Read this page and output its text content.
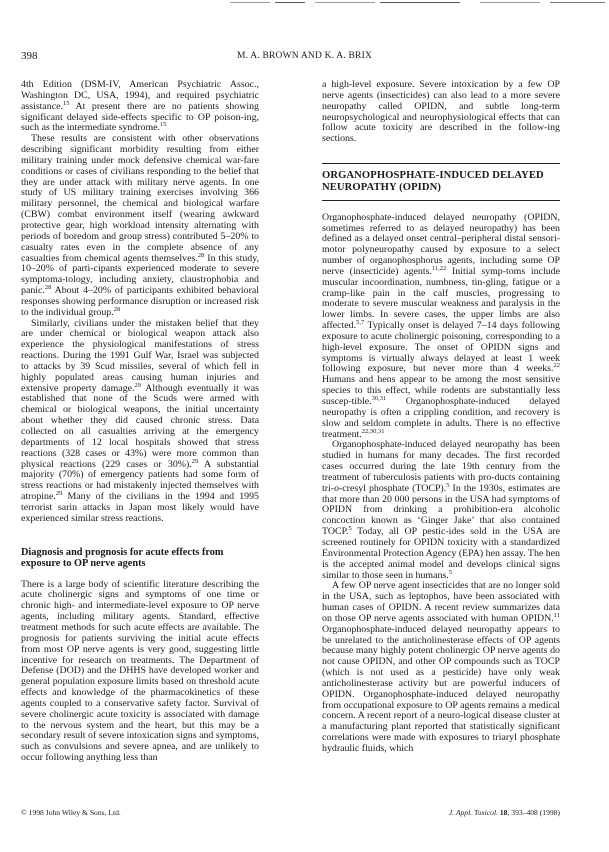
398	M. A. BROWN AND K. A. BRIX

4th Edition (DSM-IV, American Psychiatric Assoc., Washington DC, USA, 1994), and required psychiatric assistance.$^{15}$ At present there are no patients showing significant delayed side-effects specific to OP poison-ing, such as the intermediate syndrome.$^{15}$

These results are consistent with other observations describing significant morbidity resulting from either military training under mock defensive chemical war-fare conditions or cases of civilians responding to the belief that they are under attack with military nerve agents. In one study of US military training exercises involving 366 military personnel, the chemical and biological warfare (CBW) combat environment itself (wearing awkward protective gear, high workload intensity alternating with periods of boredom and group stress) contributed 5–20% to casualty rates even in the complete absence of any casualties from chemical agents themselves.$^{28}$ In this study, 10–20% of parti-cipants experienced moderate to severe symptoma-tology, including anxiety, claustrophobia and panic.$^{28}$ About 4–20% of participants exhibited behavioral responses showing performance disruption or increased risk to the individual group.$^{28}$

Similarly, civilians under the mistaken belief that they are under chemical or biological weapon attack also experience the physiological manifestations of stress reactions. During the 1991 Gulf War, Israel was subjected to attacks by 39 Scud missiles, several of which fell in highly populated areas causing human injuries and extensive property damage.$^{29}$ Although eventually it was established that none of the Scuds were armed with chemical or biological weapons, the initial uncertainty about whether they did caused chronic stress. Data collected on all casualties arriving at the emergency departments of 12 local hospitals showed that stress reactions (328 cases or 43%) were more common than physical reactions (229 cases or 30%).$^{29}$ A substantial majority (70%) of emergency patients had some form of stress reactions or had mistakenly injected themselves with atropine.$^{29}$ Many of the civilians in the 1994 and 1995 terrorist sarin attacks in Japan most likely would have experienced similar stress reactions.

Diagnosis and prognosis for acute effects from exposure to OP nerve agents

There is a large body of scientific literature describing the acute cholinergic signs and symptoms of one time or chronic high- and intermediate-level exposure to OP nerve agents, including military agents. Standard, effective treatment methods for such acute effects are available. The prognosis for patients surviving the initial acute effects from most OP nerve agents is very good, suggesting little incentive for research on treatments. The Department of Defense (DOD) and the DHHS have developed worker and general population exposure limits based on threshold acute effects and knowledge of the pharmacokinetics of these agents coupled to a conservative safety factor. Survival of severe cholinergic acute toxicity is associated with damage to the nervous system and the heart, but this may be a secondary result of severe intoxication signs and symptoms, such as convulsions and severe apnea, and are unlikely to occur following anything less than

a high-level exposure. Severe intoxication by a few OP nerve agents (insecticides) can also lead to a more severe neuropathy called OPIDN, and subtle long-term neuropsychological and neurophysiological effects that can follow acute toxicity are described in the follow-ing sections.

ORGANOPHOSPHATE-INDUCED DELAYED NEUROPATHY (OPIDN)

Organophosphate-induced delayed neuropathy (OPIDN, sometimes referred to as delayed neuropathy) has been defined as a delayed onset central–peripheral distal sensori-motor polyneuropathy caused by exposure to a select number of organophosphorus agents, including some OP nerve (insecticide) agents.$^{11,22}$ Initial symp-toms include muscular incoordination, numbness, tin-gling, fatigue or a cramp-like pain in the calf muscles, progressing to moderate to severe muscular weakness and paralysis in the lower limbs. In severe cases, the upper limbs are also affected.$^{5,7}$ Typically onset is delayed 7–14 days following exposure to acute cholinergic poisoning, corresponding to a high-level exposure. The onset of OPIDN signs and symptoms is virtually always delayed at least 1 week following exposure, but never more than 4 weeks.$^{22}$ Humans and hens appear to be among the most sensitive species to this effect, while rodents are substantially less suscep-tible.$^{30,31}$ Organophosphate-induced delayed neuropathy is often a crippling condition, and recovery is slow and seldom complete in adults. There is no effective treatment.$^{22,30,31}$

Organophosphate-induced delayed neuropathy has been studied in humans for many decades. The first recorded cases occurred during the late 19th century from the treatment of tuberculosis patients with pro-ducts containing tri-o-cresyl phosphate (TOCP).$^5$ In the 1930s, estimates are that more than 20 000 persons in the USA had symptoms of OPIDN from drinking a prohibition-era alcoholic concoction known as ‘Ginger Jake’ that also contained TOCP.$^5$ Today, all OP pestic-ides sold in the USA are screened routinely for OPIDN toxicity with a standardized Environmental Protection Agency (EPA) hen assay. The hen is the accepted animal model and develops clinical signs similar to those seen in humans.$^5$

A few OP nerve agent insecticides that are no longer sold in the USA, such as leptophos, have been associated with human cases of OPIDN. A recent review summarizes data on those OP nerve agents associated with human OPIDN.$^{11}$ Organophosphate-induced delayed neuropathy appears to be unrelated to the anticholinesterase effects of OP agents because many highly potent cholinergic OP nerve agents do not cause OPIDN, and other OP compounds such as TOCP (which is not used as a pesticide) have only weak anticholinesterase activity but are powerful inducers of OPIDN. Organophosphate-induced delayed neuropathy from occupational exposure to OP agents remains a medical concern. A recent report of a neuro-logical disease cluster at a manufacturing plant reported that statistically significant correlations were made with exposures to triaryl phosphate hydraulic fluids, which

© 1998 John Wiley & Sons, Ltd.	J. Appl. Toxicol. 18, 393–408 (1998)
